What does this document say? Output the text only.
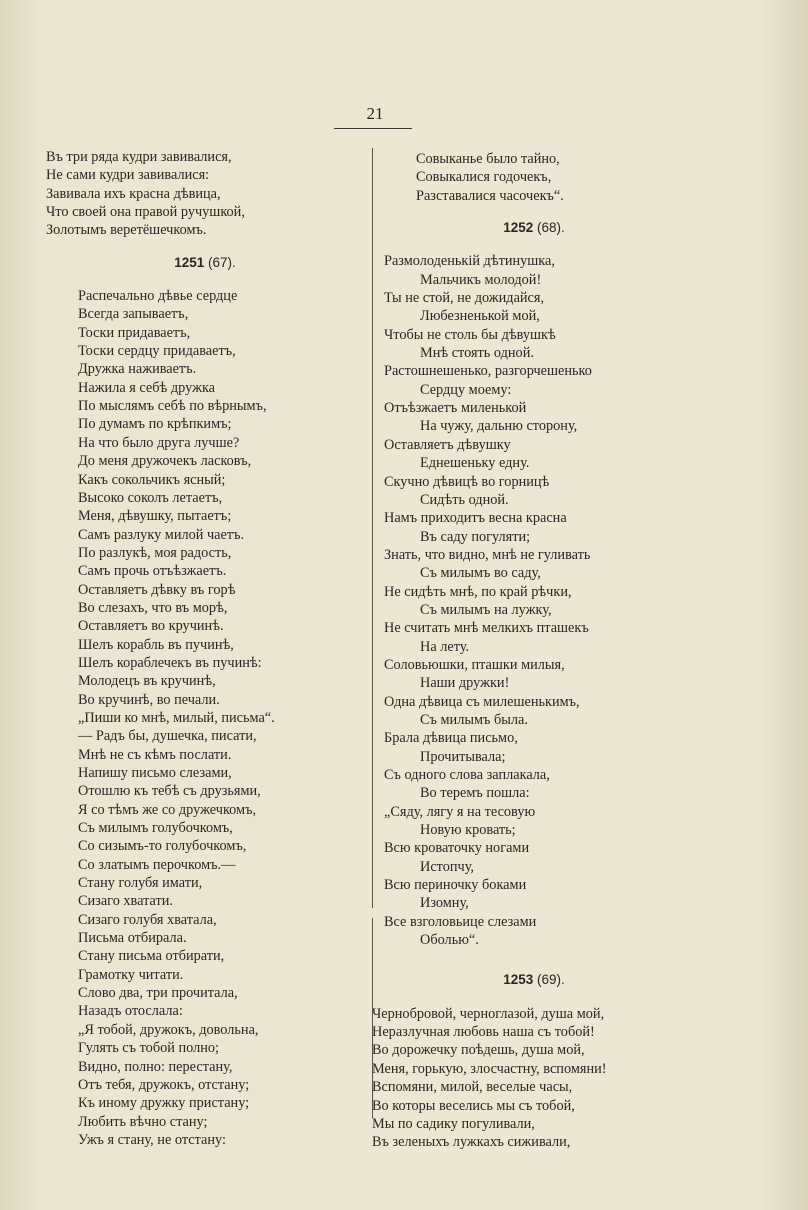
21
Въ три ряда кудри завивалися,
Не сами кудри завивалися:
Завивала ихъ красна дѣвица,
Что своей она правой ручушкой,
Золотымъ веретёшечкомъ.
1251 (67).
Распечально дѣвье сердце
Всегда запываетъ,
Тоски придаваетъ,
Тоски сердцу придаваетъ,
Дружка наживаетъ.
Нажила я себѣ дружка
По мыслямъ себѣ по вѣрнымъ,
По думамъ по крѣпкимъ;
На что было друга лучше?
До меня дружочекъ ласковъ,
Какъ сокольчикъ ясный;
Высоко соколъ летаетъ,
Меня, дѣвушку, пытаетъ;
Самъ разлуку милой чаетъ.
По разлукѣ, моя радость,
Самъ прочь отъѣзжаетъ.
Оставляетъ дѣвку въ горѣ
Во слезахъ, что въ морѣ,
Оставляетъ во кручинѣ.
Шелъ корабль въ пучинѣ,
Шелъ кораблечекъ въ пучинѣ:
Молодецъ въ кручинѣ,
Во кручинѣ, во печали.
„Пиши ко мнѣ, милый, письма“.
— Радъ бы, душечка, писати,
Мнѣ не съ кѣмъ послати.
Напишу письмо слезами,
Отошлю къ тебѣ съ друзьями,
Я со тѣмъ же со дружечкомъ,
Съ милымъ голубочкомъ,
Со сизымъ-то голубочкомъ,
Со златымъ перочкомъ.—
Стану голубя имати,
Сизаго хватати.
Сизаго голубя хватала,
Письма отбирала.
Стану письма отбирати,
Грамотку читати.
Слово два, три прочитала,
Назадъ отослала:
„Я тобой, дружокъ, довольна,
Гулять съ тобой полно;
Видно, полно: перестану,
Отъ тебя, дружокъ, отстану;
Къ иному дружку пристану;
Любить вѣчно стану;
Ужъ я стану, не отстану:
Совыканье было тайно,
Совыкалися годочекъ,
Разставалися часочекъ“.
1252 (68).
Размолоденькій дѣтинушка,
Мальчикъ молодой!
Ты не стой, не дожидайся,
Любезненькой мой,
Чтобы не столь бы дѣвушкѣ
Мнѣ стоять одной.
Растошнешенько, разгорчешенько
Сердцу моему:
Отъѣзжаетъ миленькой
На чужу, дальню сторону,
Оставляетъ дѣвушку
Еднешеньку едну.
Скучно дѣвицѣ во горницѣ
Сидѣть одной.
Намъ приходитъ весна красна
Въ саду погуляти;
Знать, что видно, мнѣ не гуливать
Съ милымъ во саду,
Не сидѣть мнѣ, по край рѣчки,
Съ милымъ на лужку,
Не считать мнѣ мелкихъ пташекъ
На лету.
Соловьюшки, пташки милыя,
Наши дружки!
Одна дѣвица съ милешенькимъ,
Съ милымъ была.
Брала дѣвица письмо,
Прочитывала;
Съ одного слова заплакала,
Во теремъ пошла:
„Сяду, лягу я на тесовую
Новую кровать;
Всю кроваточку ногами
Истопчу,
Всю периночку боками
Изомну,
Все взголовьице слезами
Оболью“.
1253 (69).
Чернобровой, черноглазой, душа мой,
Неразлучная любовь наша съ тобой!
Во дорожечку поѣдешь, душа мой,
Меня, горькую, злосчастну, вспомяни!
Вспомяни, милой, веселые часы,
Во которы веселись мы съ тобой,
Мы по садику погуливали,
Въ зеленыхъ лужкахъ сиживали,
